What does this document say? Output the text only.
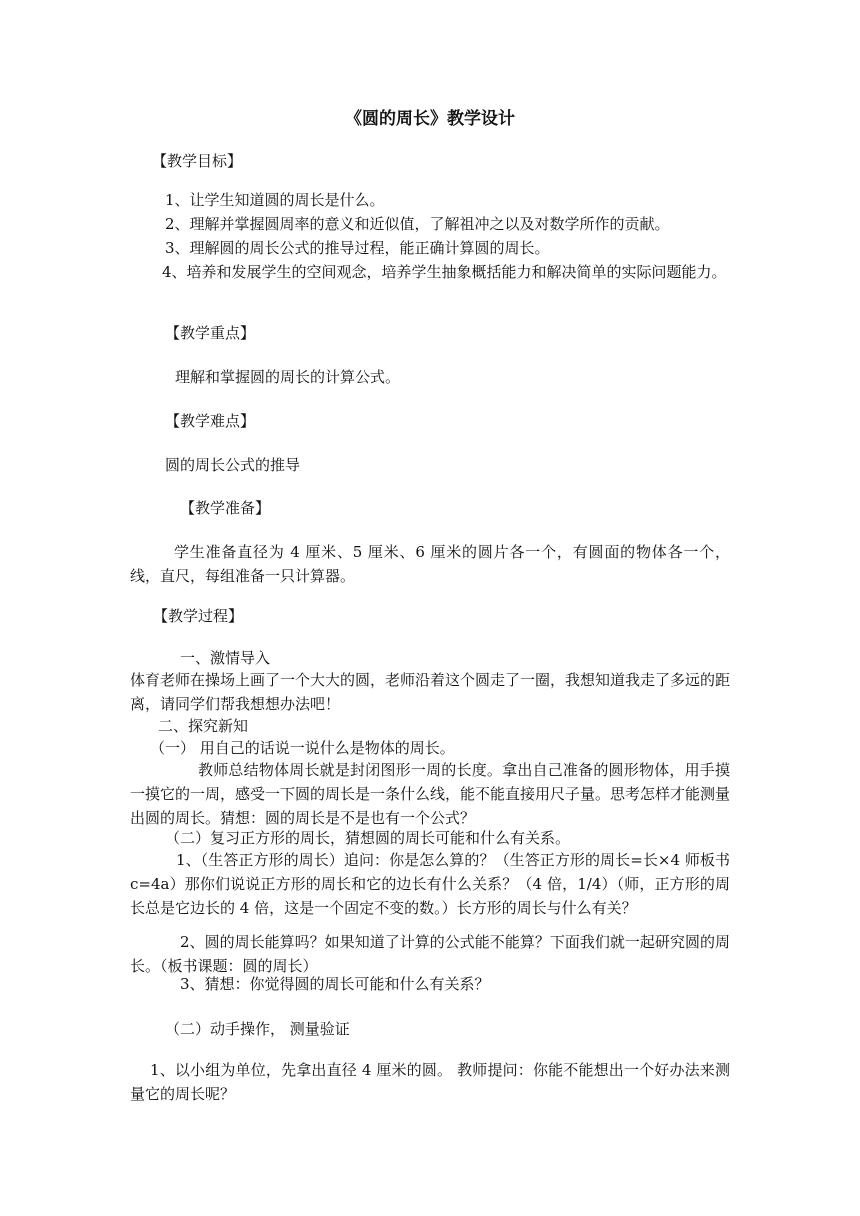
《圆的周长》教学设计
【教学目标】
1、让学生知道圆的周长是什么。
2、理解并掌握圆周率的意义和近似值，了解祖冲之以及对数学所作的贡献。
3、理解圆的周长公式的推导过程，能正确计算圆的周长。
4、培养和发展学生的空间观念，培养学生抽象概括能力和解决简单的实际问题能力。
【教学重点】
理解和掌握圆的周长的计算公式。
【教学难点】
圆的周长公式的推导
【教学准备】
学生准备直径为 4 厘米、5 厘米、6 厘米的圆片各一个，有圆面的物体各一个，线，直尺，每组准备一只计算器。
【教学过程】
一、激情导入
体育老师在操场上画了一个大大的圆，老师沿着这个圆走了一圈，我想知道我走了多远的距离，请同学们帮我想想办法吧！
二、探究新知
（一） 用自己的话说一说什么是物体的周长。
教师总结物体周长就是封闭图形一周的长度。拿出自己准备的圆形物体，用手摸一摸它的一周，感受一下圆的周长是一条什么线，能不能直接用尺子量。思考怎样才能测量出圆的周长。猜想：圆的周长是不是也有一个公式？
（二）复习正方形的周长，猜想圆的周长可能和什么有关系。
1、（生答正方形的周长）追问：你是怎么算的？（生答正方形的周长=长×4 师板书 c=4a）那你们说说正方形的周长和它的边长有什么关系？（4 倍，1/4）（师，正方形的周长总是它边长的 4 倍，这是一个固定不变的数。）长方形的周长与什么有关？
2、圆的周长能算吗？如果知道了计算的公式能不能算？下面我们就一起研究圆的周长。（板书课题：圆的周长）
3、猜想：你觉得圆的周长可能和什么有关系？
（二）动手操作， 测量验证
1、以小组为单位，先拿出直径 4 厘米的圆。 教师提问：你能不能想出一个好办法来测量它的周长呢？
